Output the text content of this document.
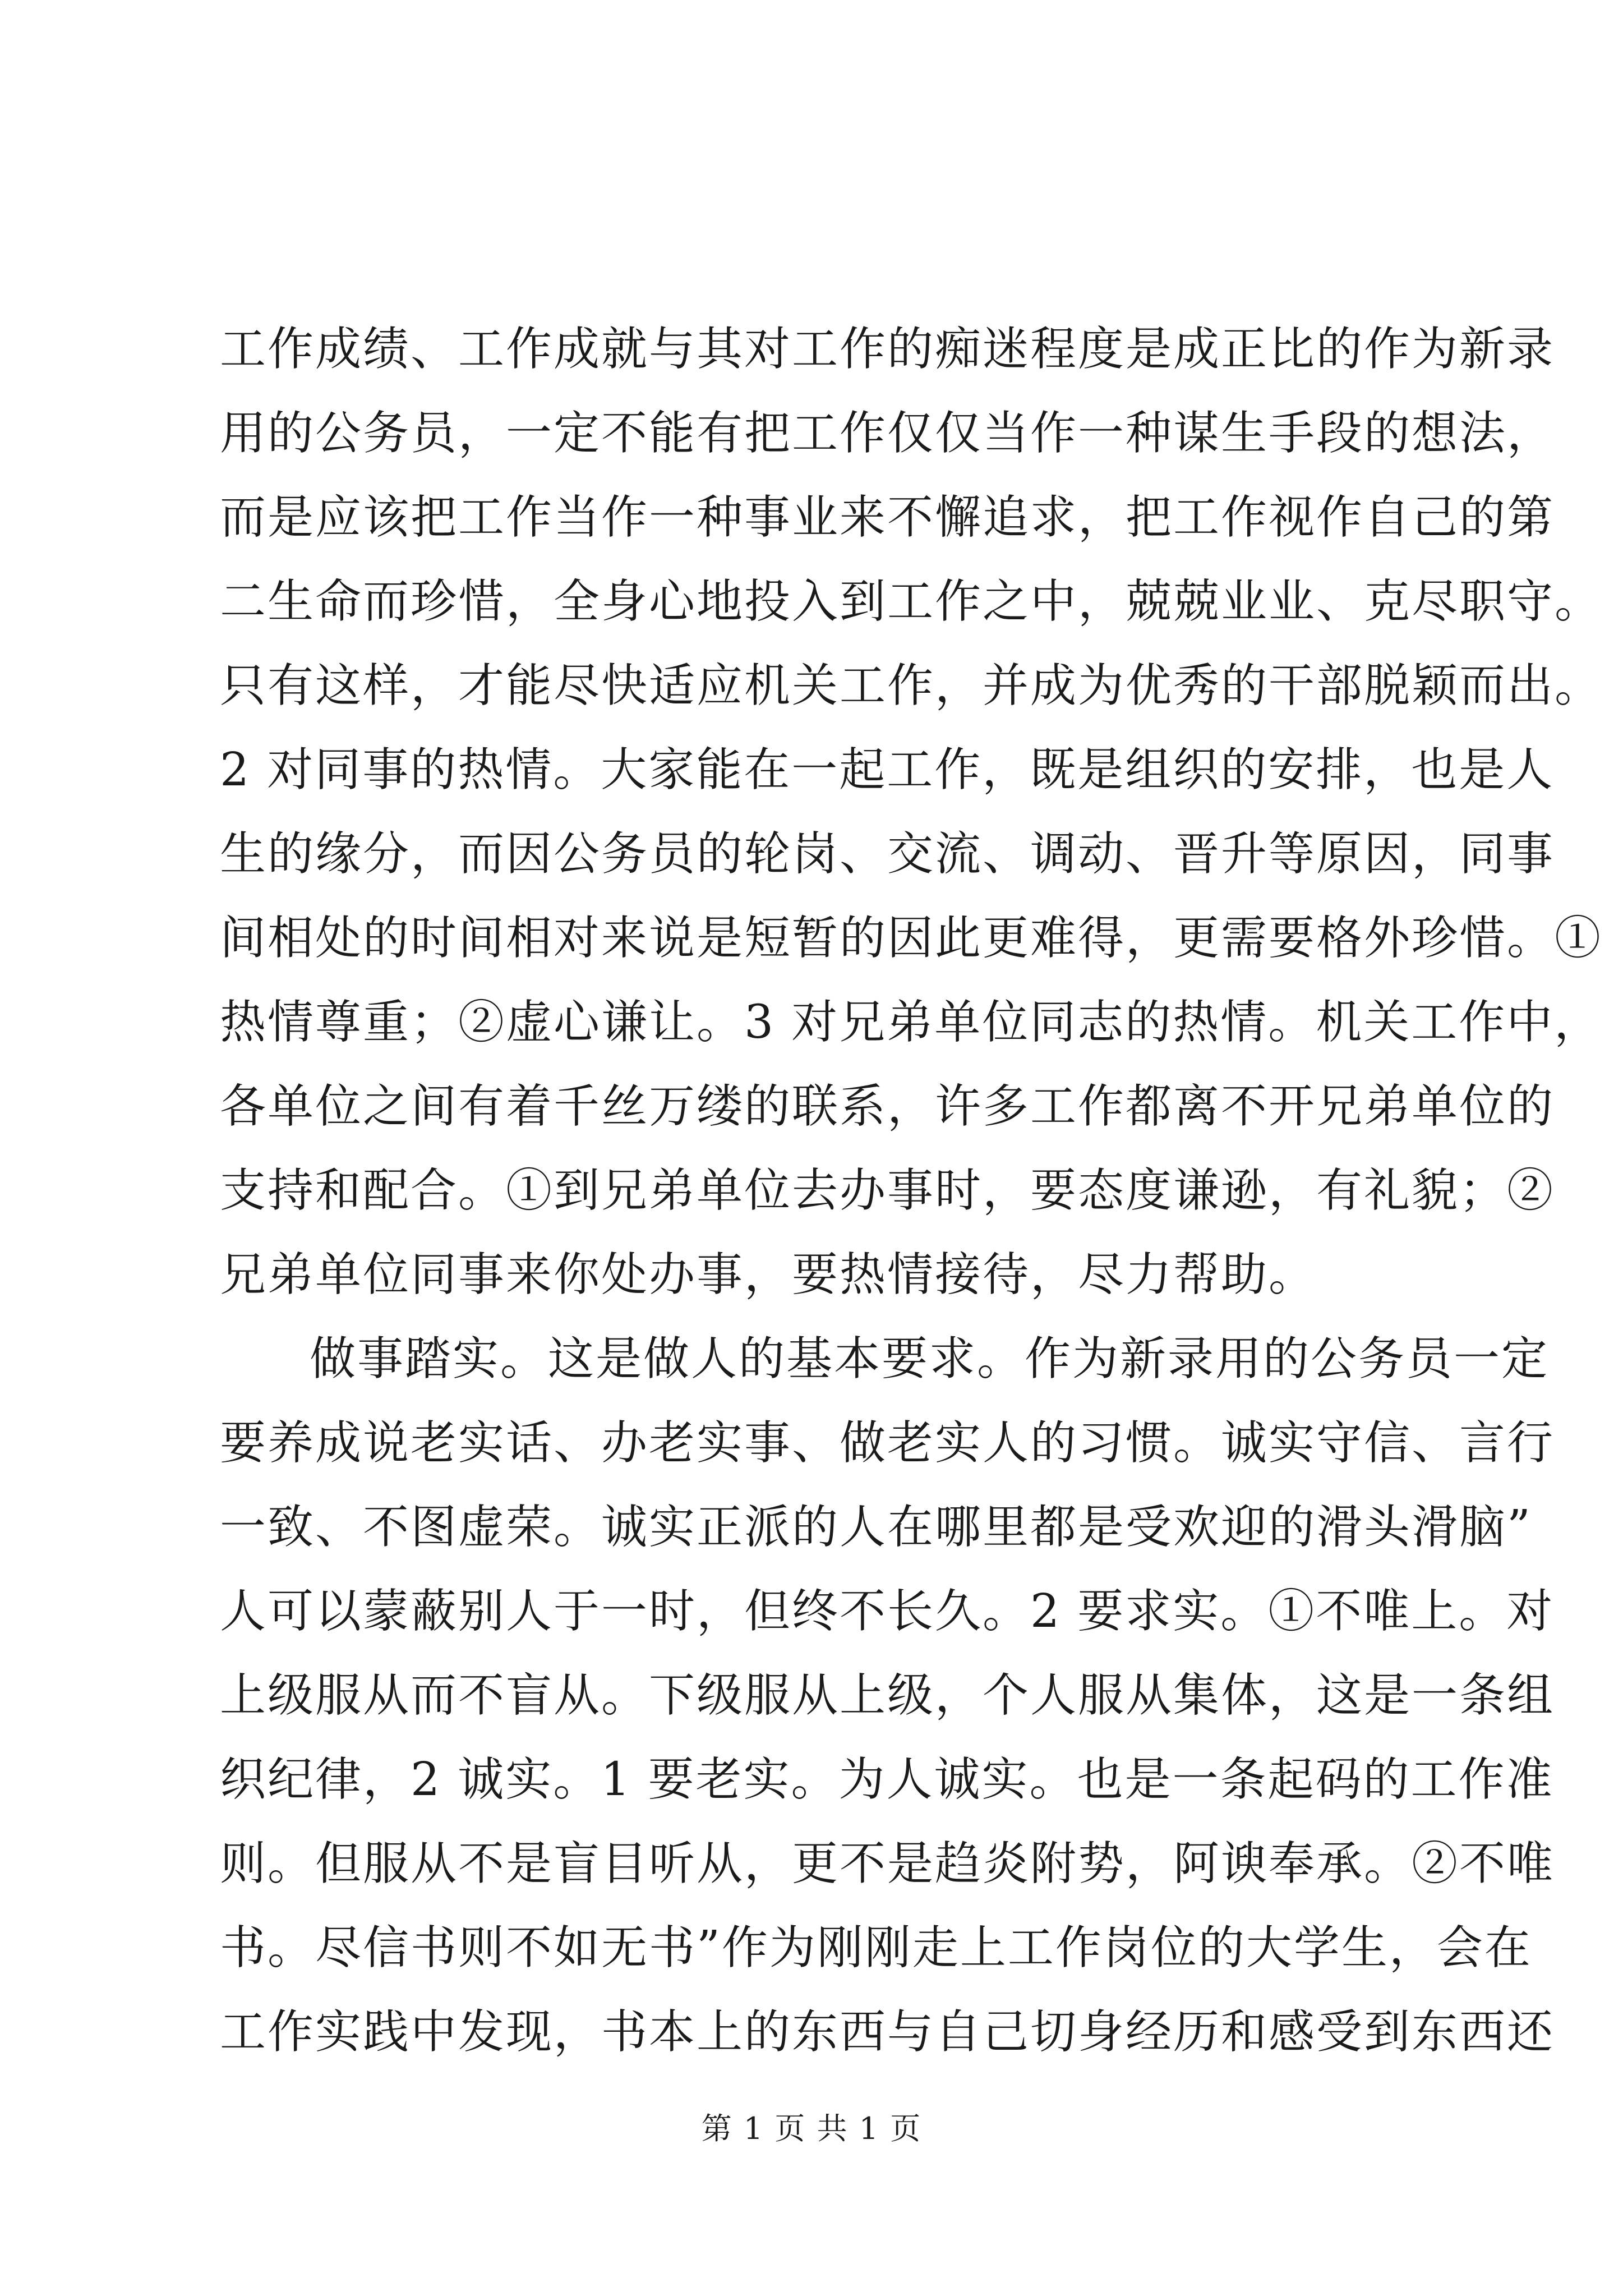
工作成绩、工作成就与其对工作的痴迷程度是成正比的作为新录
用的公务员，一定不能有把工作仅仅当作一种谋生手段的想法，
而是应该把工作当作一种事业来不懈追求，把工作视作自己的第
二生命而珍惜，全身心地投入到工作之中，兢兢业业、克尽职守。
只有这样，才能尽快适应机关工作，并成为优秀的干部脱颖而出。
2 对同事的热情。大家能在一起工作，既是组织的安排，也是人
生的缘分，而因公务员的轮岗、交流、调动、晋升等原因，同事
间相处的时间相对来说是短暂的因此更难得，更需要格外珍惜。①
热情尊重；②虚心谦让。3 对兄弟单位同志的热情。机关工作中，
各单位之间有着千丝万缕的联系，许多工作都离不开兄弟单位的
支持和配合。①到兄弟单位去办事时，要态度谦逊，有礼貌；②
兄弟单位同事来你处办事，要热情接待，尽力帮助。
做事踏实。这是做人的基本要求。作为新录用的公务员一定
要养成说老实话、办老实事、做老实人的习惯。诚实守信、言行
一致、不图虚荣。诚实正派的人在哪里都是受欢迎的滑头滑脑”
人可以蒙蔽别人于一时，但终不长久。2 要求实。①不唯上。对
上级服从而不盲从。下级服从上级，个人服从集体，这是一条组
织纪律，2 诚实。1 要老实。为人诚实。也是一条起码的工作准
则。但服从不是盲目听从，更不是趋炎附势，阿谀奉承。②不唯
书。尽信书则不如无书”作为刚刚走上工作岗位的大学生，会在
工作实践中发现，书本上的东西与自己切身经历和感受到东西还
第 1 页 共 1 页
